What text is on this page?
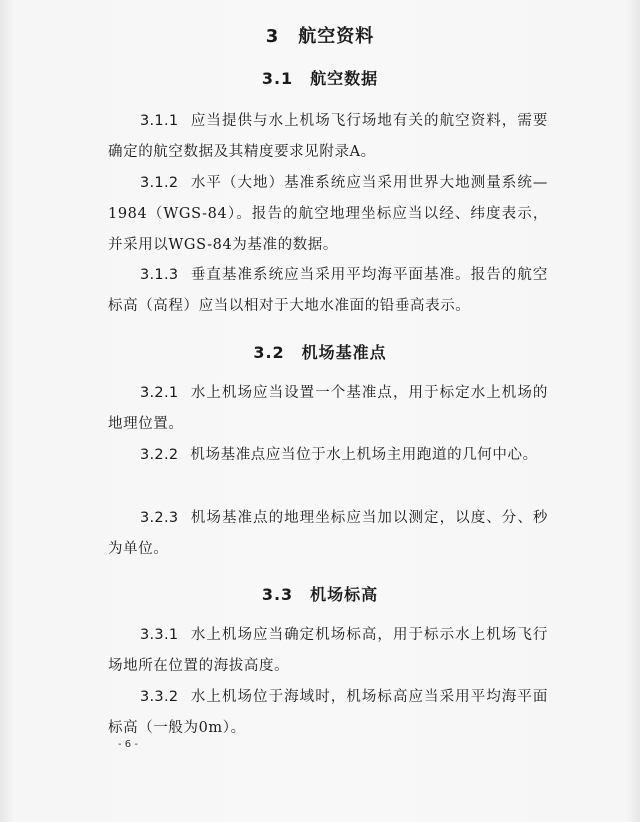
3　航空资料
3.1　航空数据
3.1.1 应当提供与水上机场飞行场地有关的航空资料，需要确定的航空数据及其精度要求见附录A。
3.1.2 水平（大地）基准系统应当采用世界大地测量系统—1984（WGS-84）。报告的航空地理坐标应当以经、纬度表示，并采用以WGS-84为基准的数据。
3.1.3 垂直基准系统应当采用平均海平面基准。报告的航空标高（高程）应当以相对于大地水准面的铅垂高表示。
3.2　机场基准点
3.2.1 水上机场应当设置一个基准点，用于标定水上机场的地理位置。
3.2.2 机场基准点应当位于水上机场主用跑道的几何中心。
3.2.3 机场基准点的地理坐标应当加以测定，以度、分、秒为单位。
3.3　机场标高
3.3.1 水上机场应当确定机场标高，用于标示水上机场飞行场地所在位置的海拔高度。
3.3.2 水上机场位于海域时，机场标高应当采用平均海平面标高（一般为0m）。
- 6 -
